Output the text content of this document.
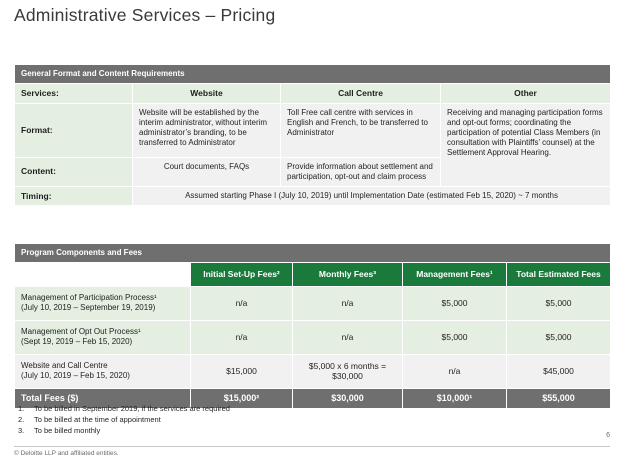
Administrative Services – Pricing
General Format and Content Requirements			
Services:	Website	Call Centre	Other
Format:	Website will be established by the interim administrator, without interim administrator’s branding, to be transferred to Administrator	Toll Free call centre with services in English and French, to be transferred to Administrator	Receiving and managing participation forms and opt-out forms; coordinating the participation of potential Class Members (in consultation with Plaintiffs’ counsel) at the Settlement Approval Hearing.
Content:	Court documents, FAQs	Provide information about settlement and participation, opt-out and claim process	
Timing:	Assumed starting Phase I (July 10, 2019) until Implementation Date (estimated Feb 15, 2020) ~ 7 months		
Program Components and Fees				
	Initial Set-Up Fees²	Monthly Fees³	Management Fees¹	Total Estimated Fees

Management of Participation Process¹
(July 10, 2019 – September 19, 2019)	n/a	n/a	$5,000	$5,000

Management of Opt Out Process¹
(Sept 19, 2019 – Feb 15, 2020)	n/a	n/a	$5,000	$5,000

Website and Call Centre
(July 10, 2019 – Feb 15, 2020)	$15,000	$5,000 x 6 months = $30,000	n/a	$45,000
Total Fees ($)	$15,000²	$30,000	$10,000¹	$55,000
1.	To be billed in September 2019, if the services are required
2.	To be billed at the time of appointment
3.	To be billed monthly
6
© Deloitte LLP and affiliated entities.
